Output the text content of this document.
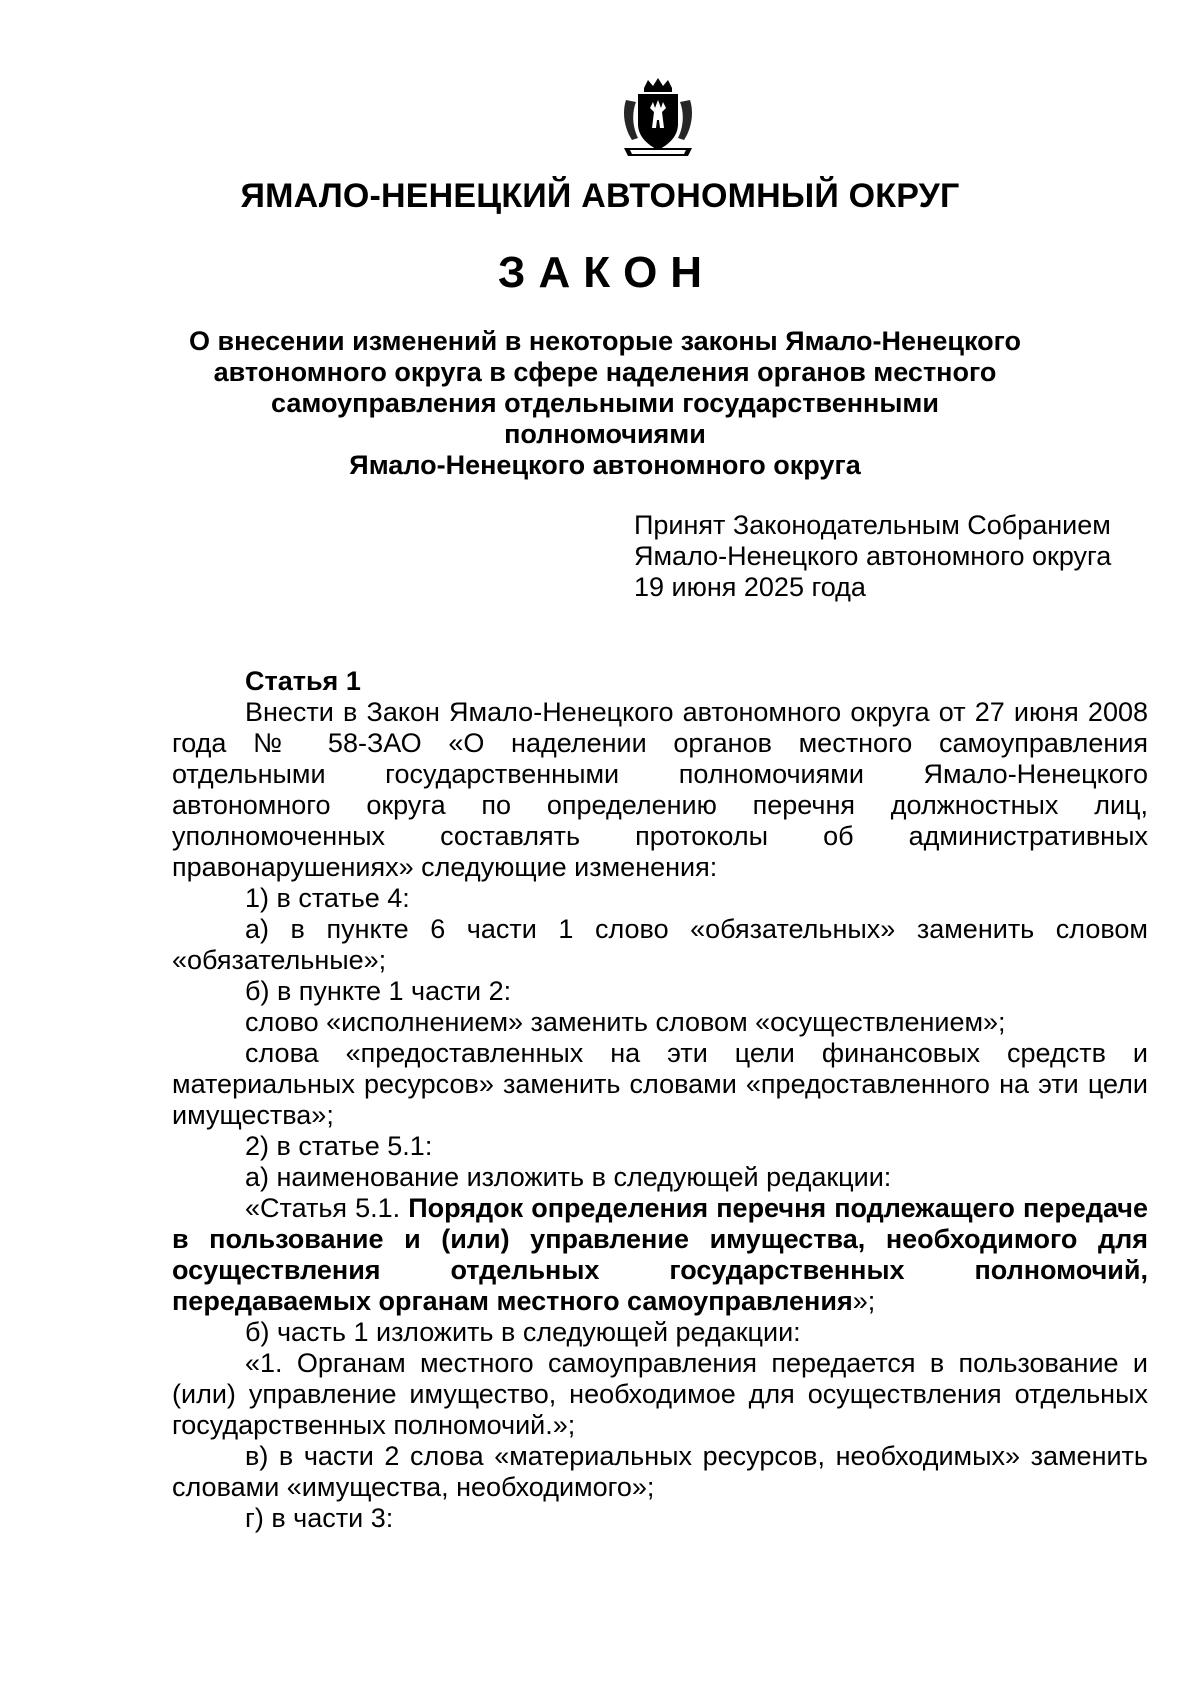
ЯМАЛО-НЕНЕЦКИЙ АВТОНОМНЫЙ ОКРУГ
ЗАКОН
О внесении изменений в некоторые законы Ямало-Ненецкого
автономного округа в сфере наделения органов местного
самоуправления отдельными государственными полномочиями
Ямало-Ненецкого автономного округа
Принят Законодательным Собранием
Ямало-Ненецкого автономного округа
19 июня 2025 года

Статья 1

Внести в Закон Ямало-Ненецкого автономного округа от 27 июня 2008 года № 58-ЗАО «О наделении органов местного самоуправления отдельными государственными полномочиями Ямало-Ненецкого автономного округа по определению перечня должностных лиц, уполномоченных составлять протоколы об административных правонарушениях» следующие изменения:

1) в статье 4:

а) в пункте 6 части 1 слово «обязательных» заменить словом «обязательные»;

б) в пункте 1 части 2:

слово «исполнением» заменить словом «осуществлением»;

слова «предоставленных на эти цели финансовых средств и материальных ресурсов» заменить словами «предоставленного на эти цели имущества»;

2) в статье 5.1:

а) наименование изложить в следующей редакции:

«Статья 5.1. Порядок определения перечня подлежащего передаче в пользование и (или) управление имущества, необходимого для осуществления отдельных государственных полномочий, передаваемых органам местного самоуправления»;

б) часть 1 изложить в следующей редакции:

«1. Органам местного самоуправления передается в пользование и (или) управление имущество, необходимое для осуществления отдельных государственных полномочий.»;

в) в части 2 слова «материальных ресурсов, необходимых» заменить словами «имущества, необходимого»;

г) в части 3:
